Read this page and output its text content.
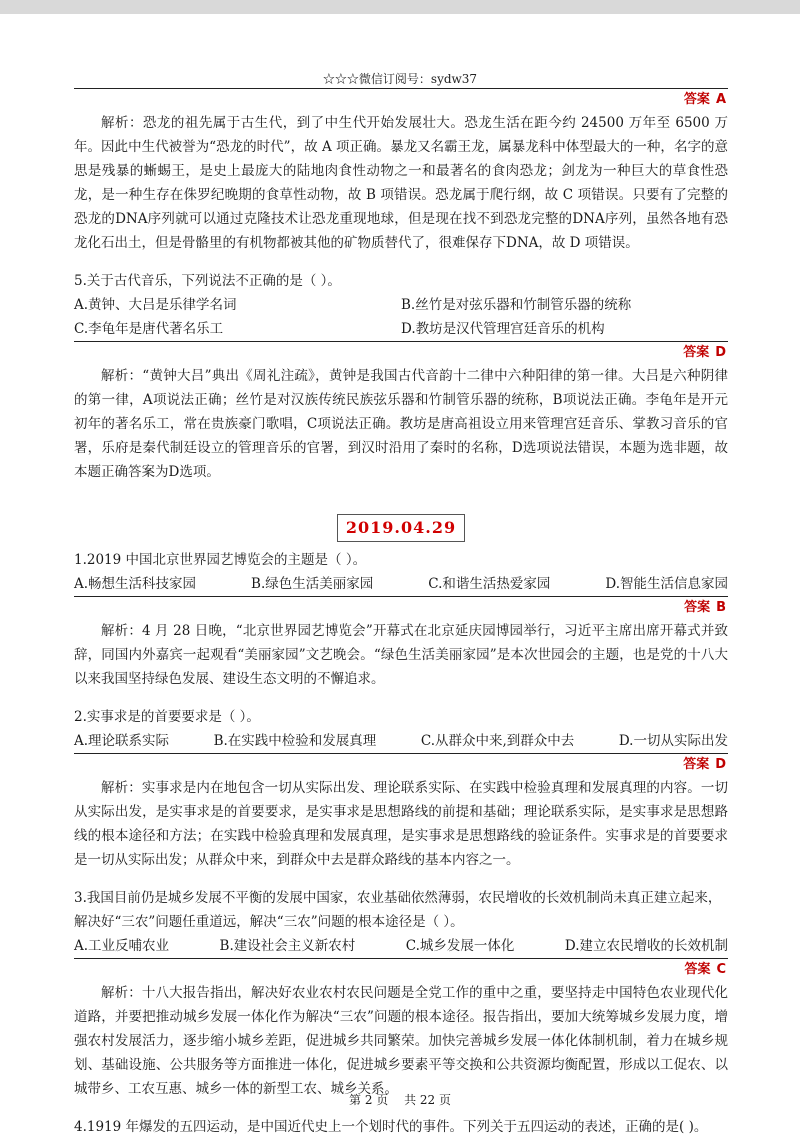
☆☆☆微信订阅号：sydw37
答案 A

解析：恐龙的祖先属于古生代，到了中生代开始发展壮大。恐龙生活在距今约 24500 万年至 6500 万年。因此中生代被誉为“恐龙的时代”，故 A 项正确。暴龙又名霸王龙，属暴龙科中体型最大的一种，名字的意思是残暴的蜥蜴王，是史上最庞大的陆地肉食性动物之一和最著名的食肉恐龙；剑龙为一种巨大的草食性恐龙，是一种生存在侏罗纪晚期的食草性动物，故 B 项错误。恐龙属于爬行纲，故 C 项错误。只要有了完整的恐龙的DNA序列就可以通过克隆技术让恐龙重现地球，但是现在找不到恐龙完整的DNA序列，虽然各地有恐龙化石出土，但是骨骼里的有机物都被其他的矿物质替代了，很难保存下DNA，故 D 项错误。

5.关于古代音乐，下列说法不正确的是（ ）。
A.黄钟、大吕是乐律学名词	B.丝竹是对弦乐器和竹制管乐器的统称
C.李龟年是唐代著名乐工	D.教坊是汉代管理宫廷音乐的机构
答案 D

解析：“黄钟大吕”典出《周礼注疏》，黄钟是我国古代音韵十二律中六种阳律的第一律。大吕是六种阴律的第一律，A项说法正确；丝竹是对汉族传统民族弦乐器和竹制管乐器的统称，B项说法正确。李龟年是开元初年的著名乐工，常在贵族豪门歌唱，C项说法正确。教坊是唐高祖设立用来管理宫廷音乐、掌教习音乐的官署，乐府是秦代制廷设立的管理音乐的官署，到汉时沿用了秦时的名称，D选项说法错误，本题为选非题，故本题正确答案为D选项。

2019.04.29
1.2019 中国北京世界园艺博览会的主题是（ ）。
A.畅想生活科技家园	B.绿色生活美丽家园	C.和谐生活热爱家园	D.智能生活信息家园
答案 B

解析：4 月 28 日晚，“北京世界园艺博览会”开幕式在北京延庆园博园举行，习近平主席出席开幕式并致辞，同国内外嘉宾一起观看“美丽家园”文艺晚会。“绿色生活美丽家园”是本次世园会的主题，也是党的十八大以来我国坚持绿色发展、建设生态文明的不懈追求。

2.实事求是的首要要求是（ ）。
A.理论联系实际	B.在实践中检验和发展真理	C.从群众中来,到群众中去	D.一切从实际出发
答案 D

解析：实事求是内在地包含一切从实际出发、理论联系实际、在实践中检验真理和发展真理的内容。一切从实际出发，是实事求是的首要要求，是实事求是思想路线的前提和基础；理论联系实际，是实事求是思想路线的根本途径和方法；在实践中检验真理和发展真理，是实事求是思想路线的验证条件。实事求是的首要要求是一切从实际出发；从群众中来，到群众中去是群众路线的基本内容之一。

3.我国目前仍是城乡发展不平衡的发展中国家，农业基础依然薄弱，农民增收的长效机制尚未真正建立起来，解决好“三农”问题任重道远，解决“三农”问题的根本途径是（ ）。
A.工业反哺农业	B.建设社会主义新农村	C.城乡发展一体化	D.建立农民增收的长效机制
答案 C

解析：十八大报告指出，解决好农业农村农民问题是全党工作的重中之重，要坚持走中国特色农业现代化道路，并要把推动城乡发展一体化作为解决“三农”问题的根本途径。报告指出，要加大统筹城乡发展力度，增强农村发展活力，逐步缩小城乡差距，促进城乡共同繁荣。加快完善城乡发展一体化体制机制，着力在城乡规划、基础设施、公共服务等方面推进一体化，促进城乡要素平等交换和公共资源均衡配置，形成以工促农、以城带乡、工农互惠、城乡一体的新型工农、城乡关系。

4.1919 年爆发的五四运动，是中国近代史上一个划时代的事件。下列关于五四运动的表述，正确的是( )。
第 2 页 共 22 页
